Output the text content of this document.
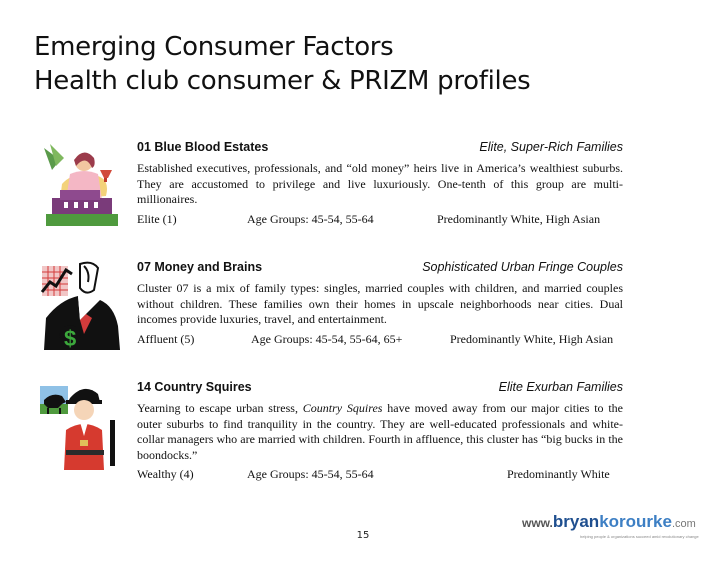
Emerging Consumer Factors
Health club consumer & PRIZM profiles
01 Blue Blood Estates	Elite, Super-Rich Families

Established executives, professionals, and “old money” heirs live in America’s wealthiest suburbs. They are accustomed to privilege and live luxuriously. One-tenth of this group are multi-millionaires.

Elite (1)	Age Groups: 45-54, 55-64	Predominantly White, High Asian
$
07 Money and Brains	Sophisticated Urban Fringe Couples

Cluster 07 is a mix of family types: singles, married couples with children, and married couples without children. These families own their homes in upscale neighborhoods near cities. Dual incomes provide luxuries, travel, and entertainment.

Affluent (5)	Age Groups: 45-54, 55-64, 65+	Predominantly White, High Asian
14 Country Squires	Elite Exurban Families

Yearning to escape urban stress, Country Squires have moved away from our major cities to the outer suburbs to find tranquility in the country. They are well-educated professionals and white-collar managers who are married with children. Fourth in affluence, this cluster has “big bucks in the boondocks.”

Wealthy (4)	Age Groups: 45-54, 55-64	Predominantly White
15
www.bryankorourke.com
helping people & organizations succeed amid revolutionary change
